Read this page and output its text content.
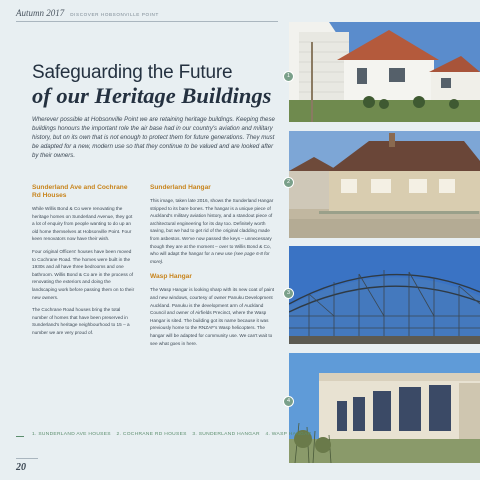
Autumn 2017 DISCOVER HOBSONVILLE POINT
Safeguarding the Future
of our Heritage Buildings
Wherever possible at Hobsonville Point we are retaining heritage buildings. Keeping these buildings honours the important role the air base had in our country's aviation and military history, but on its own that is not enough to protect them for future generations. They must be adapted for a new, modern use so that they continue to be valued and are looked after by their owners.
Sunderland Ave and Cochrane Rd Houses

While Willis Bond & Co were renovating the heritage homes on Sunderland Avenue, they got a lot of enquiry from people wanting to do up an old home themselves at Hobsonville Point. Four keen renovators now have their wish.

Four original Officers' houses have been moved to Cochrane Road. The homes were built in the 1930s and all have three bedrooms and one bathroom. Willis Bond & Co are in the process of renovating the exteriors and doing the landscaping work before passing them on to their new owners.

The Cochrane Road houses bring the total number of homes that have been preserved in Sunderland's heritage neighbourhood to 15 – a number we are very proud of.

Sunderland Hangar

This image, taken late 2016, shows the Sunderland Hangar stripped to its bare bones. The hangar is a unique piece of Auckland's military aviation history, and a standout piece of architectural engineering for its day too. Definitely worth saving, but we had to get rid of the original cladding made from asbestos. We've now passed the keys – unnecessary though they are at the moment – over to Willis Bond & Co, who will adapt the hangar for a new use (see page 6-8 for more).

Wasp Hangar

The Wasp Hangar is looking sharp with its new coat of paint and new windows, courtesy of owner Panuku Development Auckland. Panuku is the development arm of Auckland Council and owner of Airfields Precinct, where the Wasp Hangar is sited. The building got its name because it was previously home to the RNZAF's Wasp helicopters. The hangar will be adapted for community use. We can't wait to see what goes in here.

1
2
3
4
1. SUNDERLAND AVE HOUSES 2. COCHRANE RD HOUSES 3. SUNDERLAND HANGAR 4. WASP HANGAR
20
